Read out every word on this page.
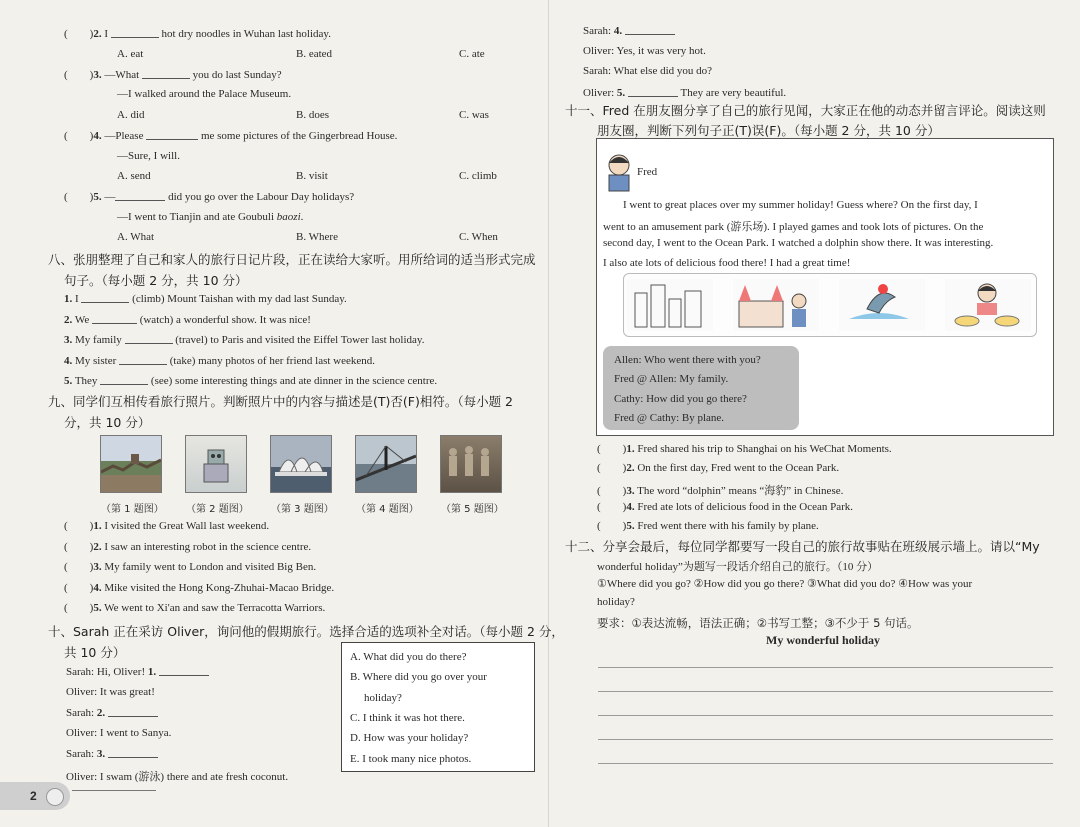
( )2. I	hot dry noodles in Wuhan last holiday.
A. eat	B. eated	C. ate
( )3. —What	you do last Sunday?
—I walked around the Palace Museum.
A. did	B. does	C. was
( )4. —Please	me some pictures of the Gingerbread House.
—Sure, I will.
A. send	B. visit	C. climb
( )5. —	did you go over the Labour Day holidays?
—I went to Tianjin and ate Goubuli baozi.
A. What	B. Where	C. When
八、张朋整理了自己和家人的旅行日记片段，正在读给大家听。用所给词的适当形式完成
句子。（每小题 2 分，共 10 分）
1. I	(climb) Mount Taishan with my dad last Sunday.
2. We	(watch) a wonderful show. It was nice!
3. My family	(travel) to Paris and visited the Eiffel Tower last holiday.
4. My sister	(take) many photos of her friend last weekend.
5. They	(see) some interesting things and ate dinner in the science centre.
九、同学们互相传看旅行照片。判断照片中的内容与描述是(T)否(F)相符。（每小题 2
分，共 10 分）
（第 1 题图） （第 2 题图） （第 3 题图） （第 4 题图） （第 5 题图）
( )1. I visited the Great Wall last weekend.
( )2. I saw an interesting robot in the science centre.
( )3. My family went to London and visited Big Ben.
( )4. Mike visited the Hong Kong-Zhuhai-Macao Bridge.
( )5. We went to Xi'an and saw the Terracotta Warriors.
十、Sarah 正在采访 Oliver，询问他的假期旅行。选择合适的选项补全对话。（每小题 2 分，
共 10 分）
Sarah: Hi, Oliver! 1.
Oliver: It was great!
Sarah: 2.
Oliver: I went to Sanya.
Sarah: 3.
Oliver: I swam (游泳) there and ate fresh coconut.
A. What did you do there?
B. Where did you go over your
holiday?
C. I think it was hot there.
D. How was your holiday?
E. I took many nice photos.
2
Sarah: 4.
Oliver: Yes, it was very hot.
Sarah: What else did you do?
Oliver: 5.	They are very beautiful.
十一、Fred 在朋友圈分享了自己的旅行见闻，大家正在他的动态并留言评论。阅读这则
朋友圈，判断下列句子正(T)误(F)。（每小题 2 分，共 10 分）
Fred
I went to great places over my summer holiday! Guess where? On the first day, I
went to an amusement park (游乐场). I played games and took lots of pictures. On the
second day, I went to the Ocean Park. I watched a dolphin show there. It was interesting.
I also ate lots of delicious food there! I had a great time!
Allen: Who went there with you?
Fred @ Allen: My family.
Cathy: How did you go there?
Fred @ Cathy: By plane.
( )1. Fred shared his trip to Shanghai on his WeChat Moments.
( )2. On the first day, Fred went to the Ocean Park.
( )3. The word “dolphin” means “海豹” in Chinese.
( )4. Fred ate lots of delicious food in the Ocean Park.
( )5. Fred went there with his family by plane.
十二、分享会最后，每位同学都要写一段自己的旅行故事贴在班级展示墙上。请以“My
wonderful holiday”为题写一段话介绍自己的旅行。（10 分）
①Where did you go? ②How did you go there? ③What did you do? ④How was your
holiday?
要求：①表达流畅，语法正确；②书写工整；③不少于 5 句话。
My wonderful holiday
